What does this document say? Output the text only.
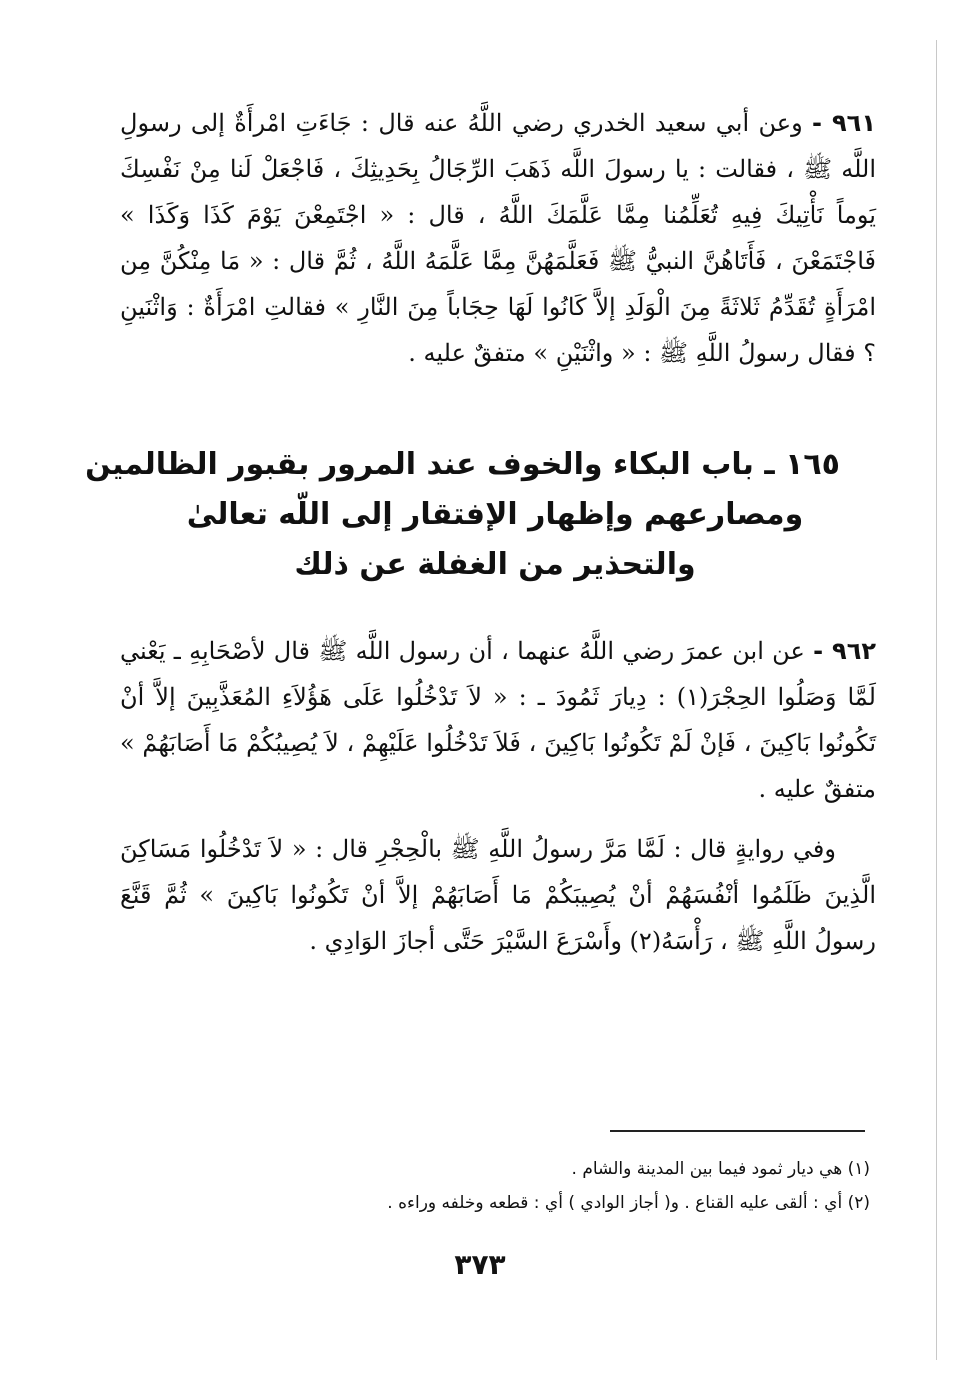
٩٦١ - وعن أبي سعيد الخدري رضي اللَّهُ عنه قال : جَاءَتِ امْرأَةٌ إلى رسولِ اللَّه ﷺ ، فقالت : يا رسولَ اللَّه ذَهَبَ الرِّجَالُ بِحَدِيثِكَ ، فَاجْعَلْ لَنا مِنْ نَفْسِكَ يَوماً نَأْتِيكَ فِيهِ تُعَلِّمُنا مِمَّا عَلَّمَكَ اللَّهُ ، قال : « اجْتَمِعْنَ يَوْمَ كَذَا وَكَذَا » فَاجْتَمَعْنَ ، فَأَتَاهُنَّ النبيُّ ﷺ فَعَلَّمَهُنَّ مِمَّا عَلَّمَهُ اللَّهُ ، ثُمَّ قال : « مَا مِنْكُنَّ مِن امْرَأَةٍ تُقَدِّمُ ثَلاثَةً مِنَ الْوَلَدِ إلاَّ كَانُوا لَهَا حِجَاباً مِنَ النَّارِ » فقالتِ امْرَأَةٌ : وَاثْنَينِ ؟ فقال رسولُ اللَّهِ ﷺ : « واثْنَيْنِ » متفقٌ عليه .
١٦٥ ـ باب البكاء والخوف عند المرور بقبور الظالمين
ومصارعهم وإظهار الإفتقار إلى اللّه تعالىٰ
والتحذير من الغفلة عن ذلك
٩٦٢ - عن ابن عمرَ رضي اللَّهُ عنهما ، أن رسول اللَّه ﷺ قال لأصْحَابِهِ ـ يَعْني لَمَّا وَصَلُوا الحِجْرَ(١) : دِيارَ ثَمُودَ ـ : « لاَ تَدْخُلُوا عَلَى هَؤُلاَءِ المُعَذَّبِينَ إلاَّ أنْ تَكُونُوا بَاكِينَ ، فَإنْ لَمْ تَكُونُوا بَاكِينَ ، فَلاَ تَدْخُلُوا عَلَيْهِمْ ، لاَ يُصِيبُكُمْ مَا أَصَابَهُمْ » متفقٌ عليه .
وفي روايةٍ قال : لَمَّا مَرَّ رسولُ اللَّهِ ﷺ بالْحِجْرِ قال : « لاَ تَدْخُلُوا مَسَاكِنَ الَّذِينَ ظَلَمُوا أنْفُسَهُمْ أنْ يُصِيبَكُمْ مَا أَصَابَهُمْ إلاَّ أنْ تَكُونُوا بَاكِينَ » ثُمَّ قَنَّعَ رسولُ اللَّهِ ﷺ ، رَأْسَهُ(٢) وأَسْرَعَ السَّيْرَ حَتَّى أجازَ الوَادِي .
(١) هي ديار ثمود فيما بين المدينة والشام .
(٢) أي : ألقى عليه القناع . و( أجاز الوادي ) أي : قطعه وخلفه وراءه .
٣٧٣
